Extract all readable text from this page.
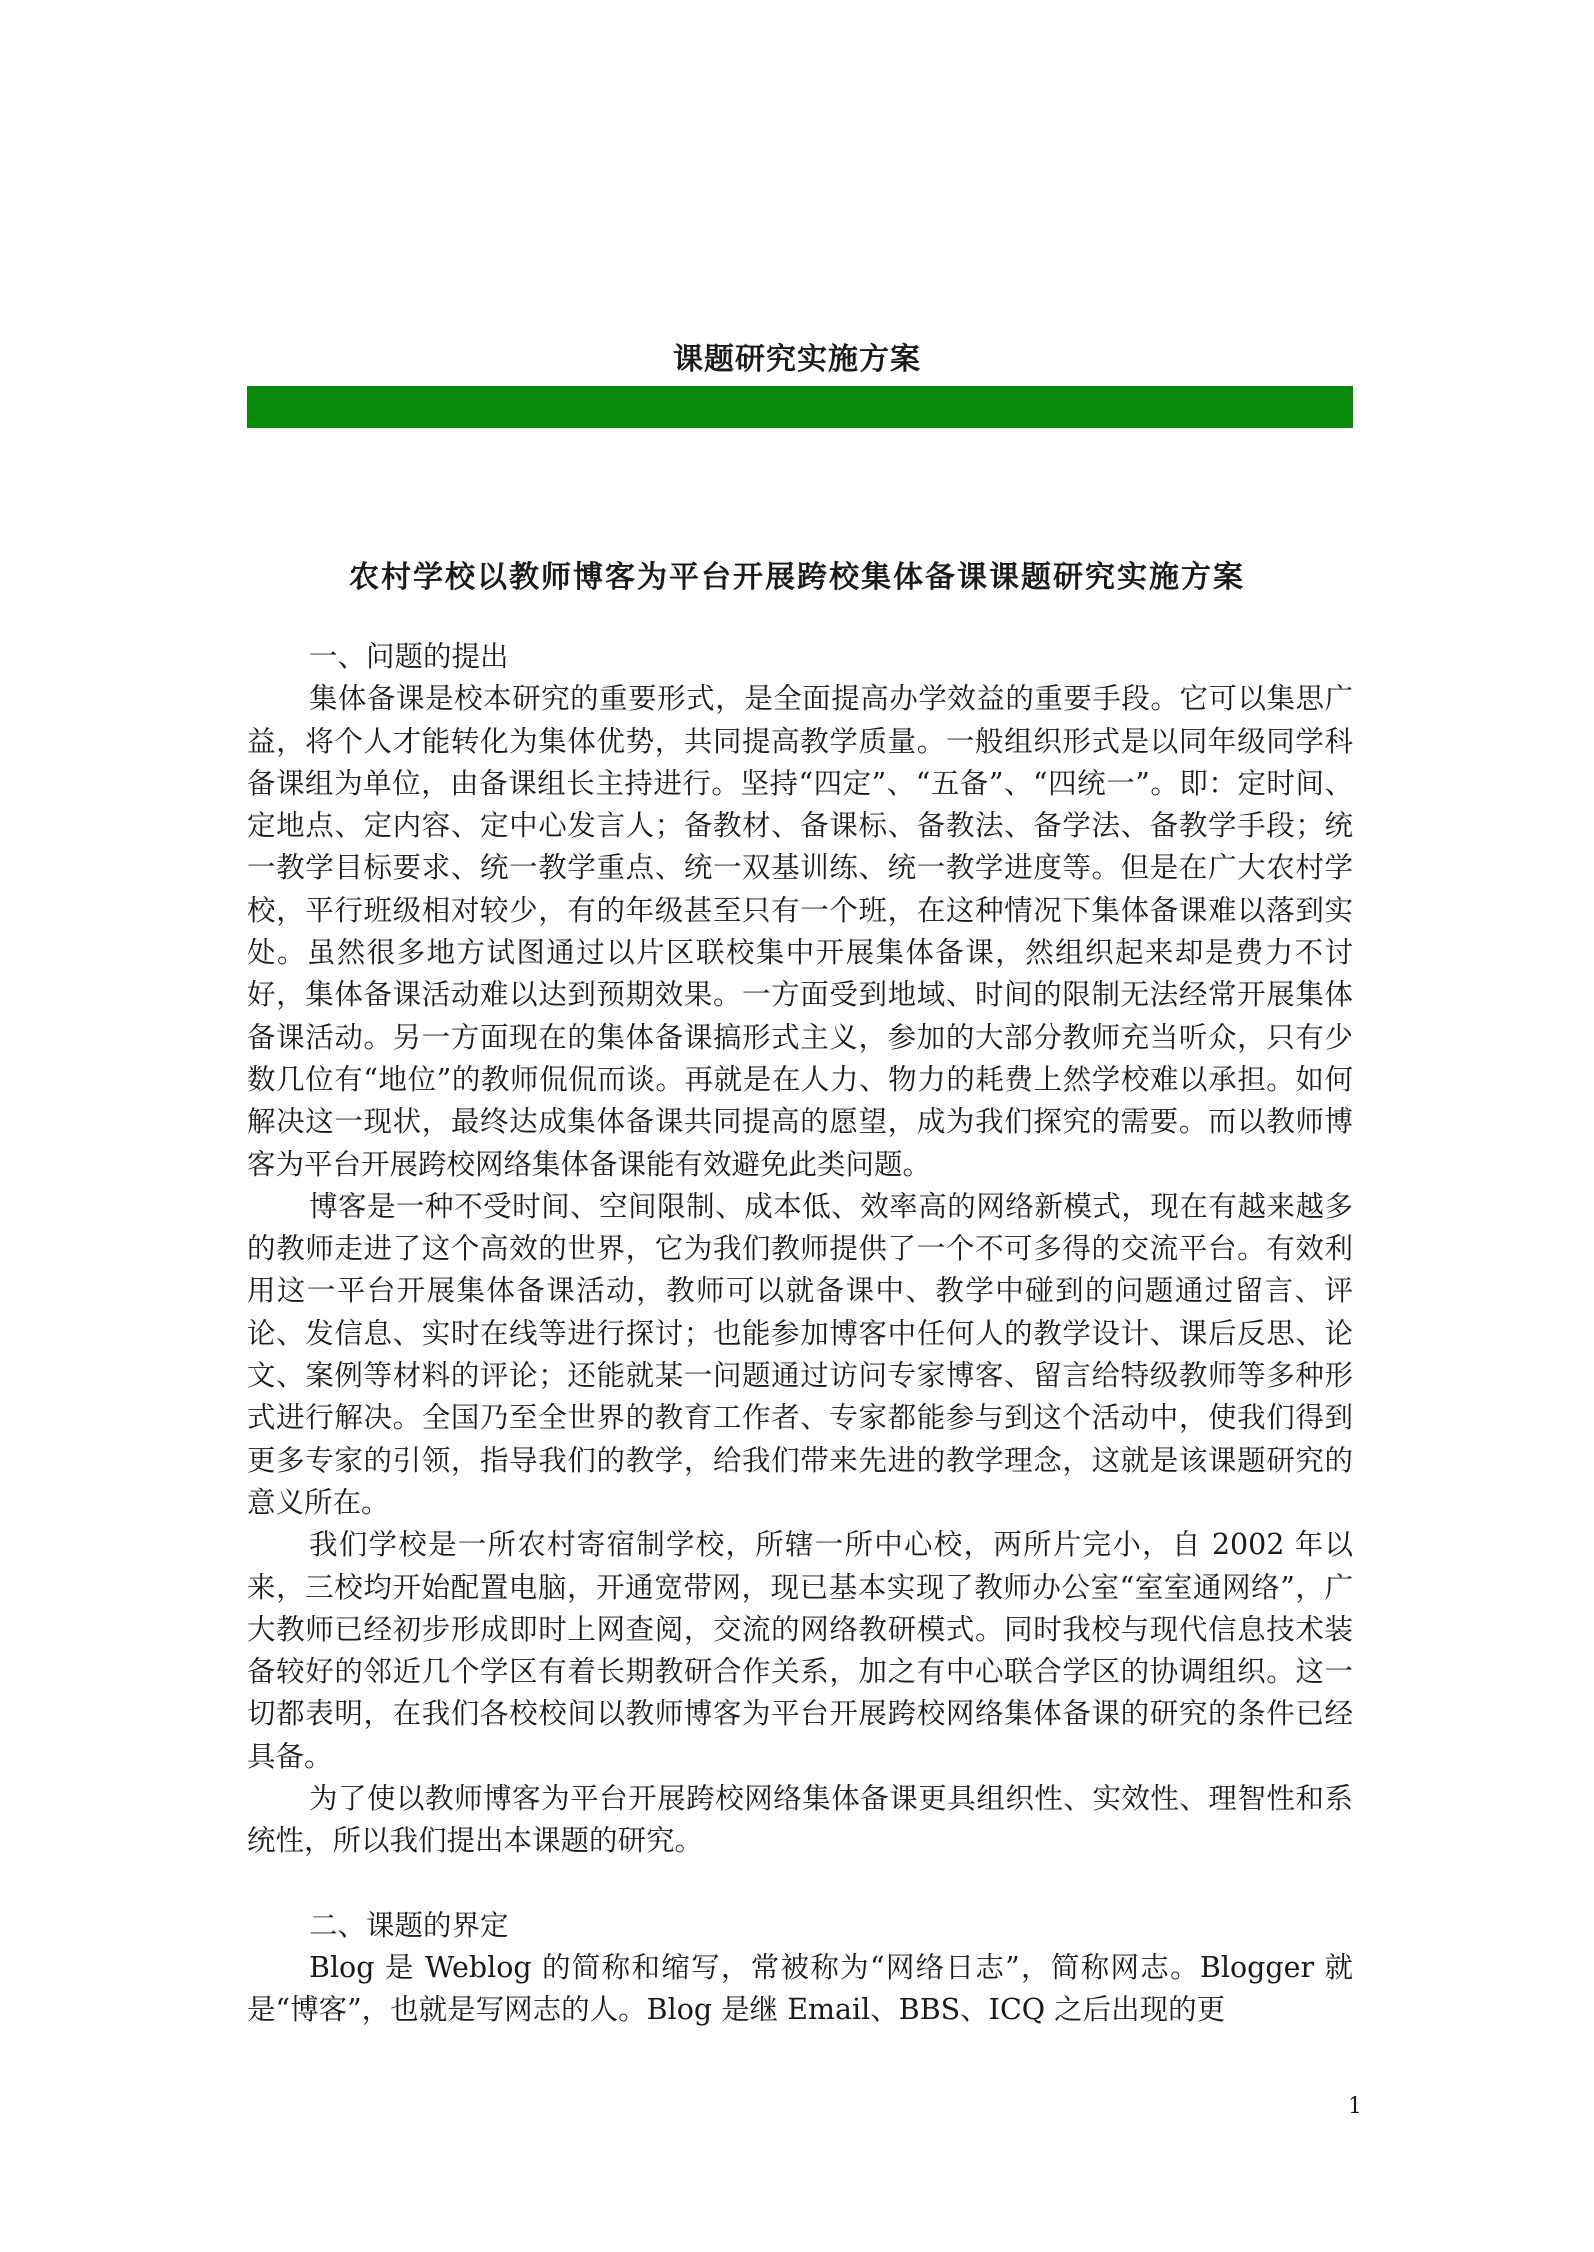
课题研究实施方案
农村学校以教师博客为平台开展跨校集体备课课题研究实施方案

一、问题的提出

集体备课是校本研究的重要形式，是全面提高办学效益的重要手段。它可以集思广益，将个人才能转化为集体优势，共同提高教学质量。一般组织形式是以同年级同学科备课组为单位，由备课组长主持进行。坚持“四定”、“五备”、“四统一”。即：定时间、定地点、定内容、定中心发言人；备教材、备课标、备教法、备学法、备教学手段；统一教学目标要求、统一教学重点、统一双基训练、统一教学进度等。但是在广大农村学校，平行班级相对较少，有的年级甚至只有一个班，在这种情况下集体备课难以落到实处。虽然很多地方试图通过以片区联校集中开展集体备课，然组织起来却是费力不讨好，集体备课活动难以达到预期效果。一方面受到地域、时间的限制无法经常开展集体备课活动。另一方面现在的集体备课搞形式主义，参加的大部分教师充当听众，只有少数几位有“地位”的教师侃侃而谈。再就是在人力、物力的耗费上然学校难以承担。如何解决这一现状，最终达成集体备课共同提高的愿望，成为我们探究的需要。而以教师博客为平台开展跨校网络集体备课能有效避免此类问题。

博客是一种不受时间、空间限制、成本低、效率高的网络新模式，现在有越来越多的教师走进了这个高效的世界，它为我们教师提供了一个不可多得的交流平台。有效利用这一平台开展集体备课活动，教师可以就备课中、教学中碰到的问题通过留言、评论、发信息、实时在线等进行探讨；也能参加博客中任何人的教学设计、课后反思、论文、案例等材料的评论；还能就某一问题通过访问专家博客、留言给特级教师等多种形式进行解决。全国乃至全世界的教育工作者、专家都能参与到这个活动中，使我们得到更多专家的引领，指导我们的教学，给我们带来先进的教学理念，这就是该课题研究的意义所在。

我们学校是一所农村寄宿制学校，所辖一所中心校，两所片完小，自 2002 年以来，三校均开始配置电脑，开通宽带网，现已基本实现了教师办公室“室室通网络”，广大教师已经初步形成即时上网查阅，交流的网络教研模式。同时我校与现代信息技术装备较好的邻近几个学区有着长期教研合作关系，加之有中心联合学区的协调组织。这一切都表明，在我们各校校间以教师博客为平台开展跨校网络集体备课的研究的条件已经具备。

为了使以教师博客为平台开展跨校网络集体备课更具组织性、实效性、理智性和系统性，所以我们提出本课题的研究。

二、课题的界定

Blog 是 Weblog 的简称和缩写，常被称为“网络日志”，简称网志。Blogger 就是“博客”，也就是写网志的人。Blog 是继 Email、BBS、ICQ 之后出现的更

1
